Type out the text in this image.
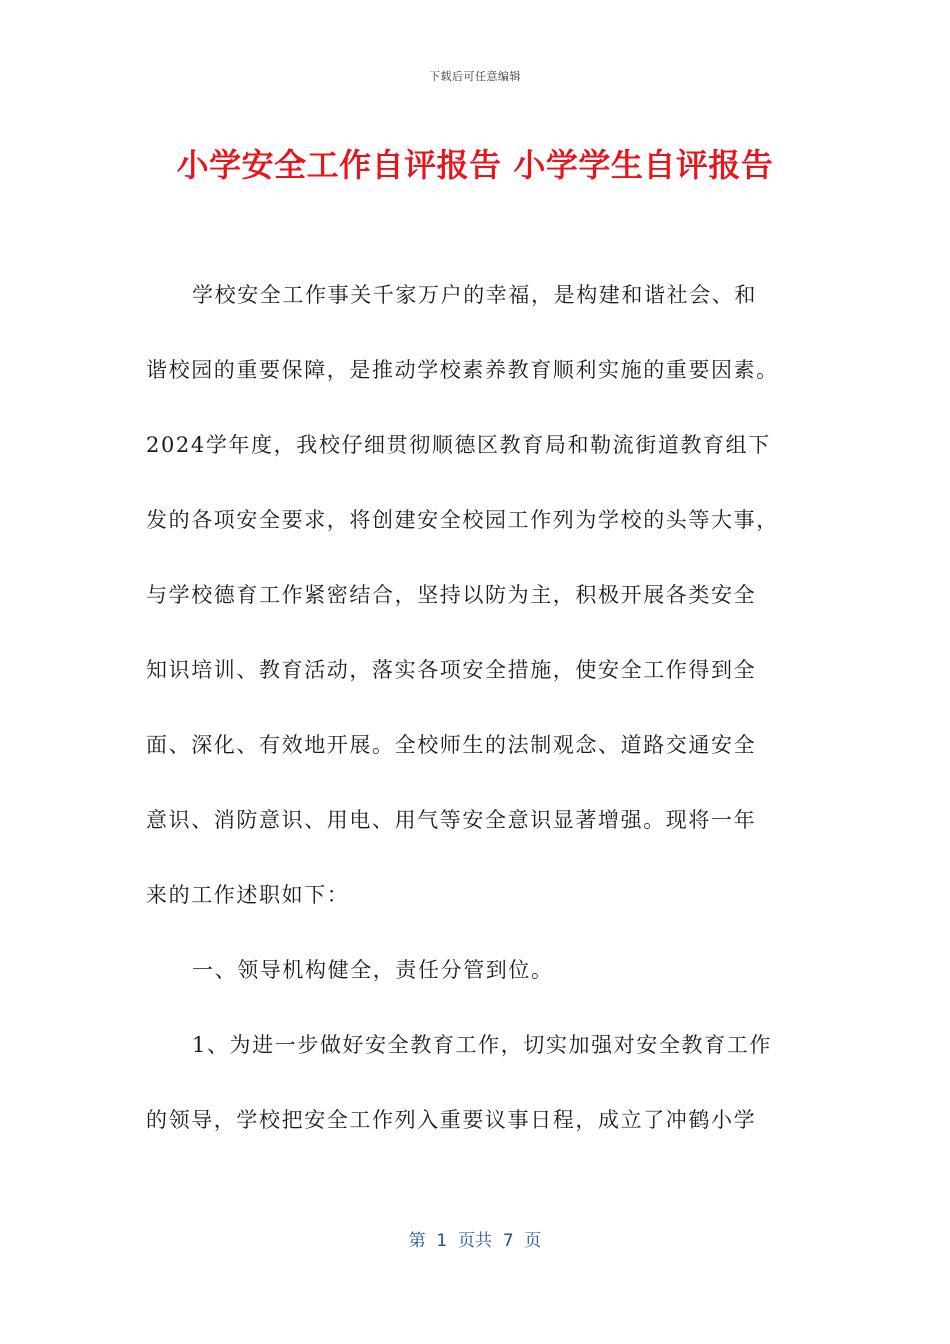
下载后可任意编辑
小学安全工作自评报告 小学学生自评报告
学校安全工作事关千家万户的幸福，是构建和谐社会、和
谐校园的重要保障，是推动学校素养教育顺利实施的重要因素。
2024学年度，我校仔细贯彻顺德区教育局和勒流街道教育组下
发的各项安全要求，将创建安全校园工作列为学校的头等大事，
与学校德育工作紧密结合，坚持以防为主，积极开展各类安全
知识培训、教育活动，落实各项安全措施，使安全工作得到全
面、深化、有效地开展。全校师生的法制观念、道路交通安全
意识、消防意识、用电、用气等安全意识显著增强。现将一年
来的工作述职如下：
一、领导机构健全，责任分管到位。
1、为进一步做好安全教育工作，切实加强对安全教育工作
的领导，学校把安全工作列入重要议事日程，成立了冲鹤小学
第  1  页共  7  页
